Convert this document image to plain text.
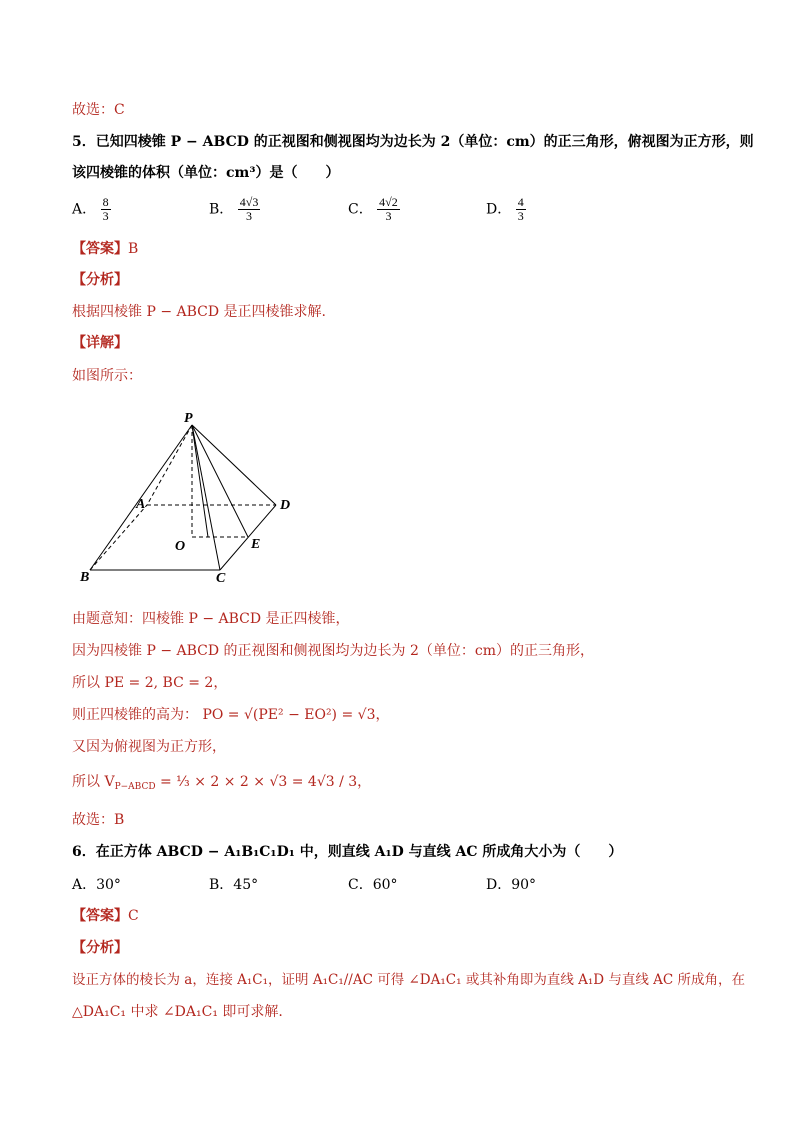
故选：C
5．已知四棱锥 P − ABCD 的正视图和侧视图均为边长为 2（单位：cm）的正三角形，俯视图为正方形，则
该四棱锥的体积（单位：cm³）是（　　）
A． $\frac{8}{3}$	B． $\frac{4√3}{3}$	C． $\frac{4√2}{3}$	D． $\frac{4}{3}$
【答案】B
【分析】
根据四棱锥 P − ABCD 是正四棱锥求解.
【详解】
如图所示：
P
A	D
O	E
B	C
由题意知：四棱锥 P − ABCD 是正四棱锥，
因为四棱锥 P − ABCD 的正视图和侧视图均为边长为 2（单位：cm）的正三角形，
所以 PE = 2, BC = 2，
则正四棱锥的高为： PO = √(PE² − EO²) = √3，
又因为俯视图为正方形，
所以 $V_{P-ABCD}$ = ⅓ × 2 × 2 × √3 = 4√3 / 3，
故选：B
6．在正方体 ABCD − A₁B₁C₁D₁ 中，则直线 A₁D 与直线 AC 所成角大小为（　　）
A．30°	B．45°	C．60°	D．90°
【答案】C
【分析】
设正方体的棱长为 a，连接 A₁C₁，证明 A₁C₁//AC 可得 ∠DA₁C₁ 或其补角即为直线 A₁D 与直线 AC 所成角，在
△DA₁C₁ 中求 ∠DA₁C₁ 即可求解.
